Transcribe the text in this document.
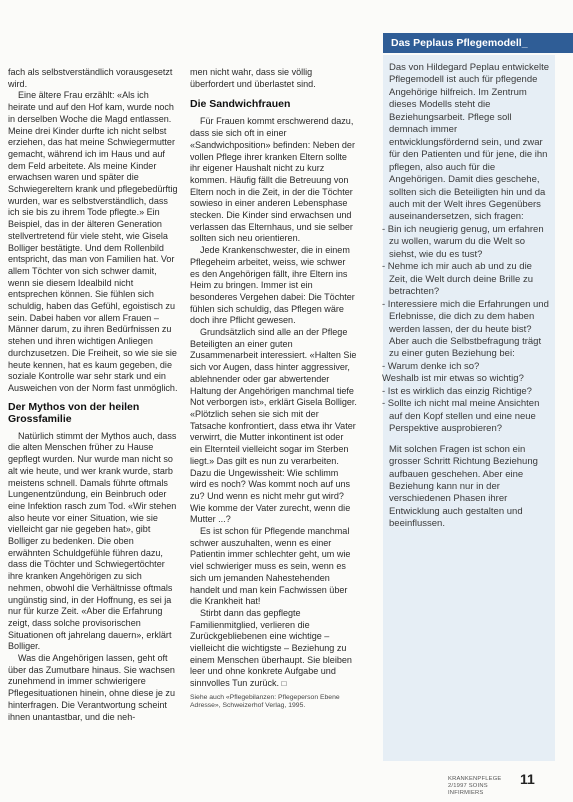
fach als selbstverständlich vorausgesetzt wird.

Eine ältere Frau erzählt: «Als ich heirate und auf den Hof kam, wurde noch in derselben Woche die Magd entlassen. Meine drei Kinder durfte ich nicht selbst erziehen, das hat meine Schwiegermutter gemacht, während ich im Haus und auf dem Feld arbeitete. Als meine Kinder erwachsen waren und später die Schwiegereltern krank und pflegebedürftig wurden, war es selbstverständlich, dass ich sie bis zu ihrem Tode pflegte.» Ein Beispiel, das in der älteren Generation stellvertretend für viele steht, wie Gisela Bolliger bestätigte. Und dem Rollenbild entspricht, das man von Familien hat. Vor allem Töchter von sich schwer damit, wenn sie diesem Idealbild nicht entsprechen können. Sie fühlen sich schuldig, haben das Gefühl, egoistisch zu sein. Dabei haben vor allem Frauen – Männer darum, zu ihren Bedürfnissen zu stehen und ihren wichtigen Anliegen durchzusetzen. Die Freiheit, so wie sie sie heute kennen, hat es kaum gegeben, die soziale Kontrolle war sehr stark und ein Ausweichen von der Norm fast unmöglich.

Der Mythos von der heilen Grossfamilie

Natürlich stimmt der Mythos auch, dass die alten Menschen früher zu Hause gepflegt wurden. Nur wurde man nicht so alt wie heute, und wer krank wurde, starb meistens schnell. Damals führte oftmals Lungenentzündung, ein Beinbruch oder eine Infektion rasch zum Tod. «Wir stehen also heute vor einer Situation, wie sie vielleicht gar nie gegeben hat», gibt Bolliger zu bedenken. Die oben erwähnten Schuldgefühle führen dazu, dass die Töchter und Schwiegertöchter ihre kranken Angehörigen zu sich nehmen, obwohl die Verhältnisse oftmals ungünstig sind, in der Hoffnung, es sei ja nur für kurze Zeit. «Aber die Erfahrung zeigt, dass solche provisorischen Situationen oft jahrelang dauern», erklärt Bolliger.

Was die Angehörigen lassen, geht oft über das Zumutbare hinaus. Sie wachsen zunehmend in immer schwierigere Pflegesituationen hinein, ohne diese je zu hinterfragen. Die Verantwortung scheint ihnen unantastbar, und die neh-

men nicht wahr, dass sie völlig überfordert und überlastet sind.

Die Sandwichfrauen

Für Frauen kommt erschwerend dazu, dass sie sich oft in einer «Sandwichposition» befinden: Neben der vollen Pflege ihrer kranken Eltern sollte ihr eigener Haushalt nicht zu kurz kommen. Häufig fällt die Betreuung von Eltern noch in die Zeit, in der die Töchter sowieso in einer anderen Lebensphase stecken. Die Kinder sind erwachsen und verlassen das Elternhaus, und sie selber sollten sich neu orientieren.

Jede Krankenschwester, die in einem Pflegeheim arbeitet, weiss, wie schwer es den Angehörigen fällt, ihre Eltern ins Heim zu bringen. Immer ist ein besonderes Vergehen dabei: Die Töchter fühlen sich schuldig, das Pflegen wäre doch ihre Pflicht gewesen.

Grundsätzlich sind alle an der Pflege Beteiligten an einer guten Zusammenarbeit interessiert. «Halten Sie sich vor Augen, dass hinter aggressiver, ablehnender oder gar abwertender Haltung der Angehörigen manchmal tiefe Not verborgen ist», erklärt Gisela Bolliger. «Plötzlich sehen sie sich mit der Tatsache konfrontiert, dass etwa ihr Vater verwirrt, die Mutter inkontinent ist oder ein Elternteil vielleicht sogar im Sterben liegt.» Das gilt es nun zu verarbeiten. Dazu die Ungewissheit: Wie schlimm wird es noch? Was kommt noch auf uns zu? Und wenn es nicht mehr gut wird? Wie komme der Vater zurecht, wenn die Mutter ...?

Es ist schon für Pflegende manchmal schwer auszuhalten, wenn es einer Patientin immer schlechter geht, um wie viel schwieriger muss es sein, wenn es sich um jemanden Nahestehenden handelt und man kein Fachwissen über die Krankheit hat!

Stirbt dann das gepflegte Familienmitglied, verlieren die Zurückgebliebenen eine wichtige – vielleicht die wichtigste – Beziehung zu einem Menschen überhaupt. Sie bleiben leer und ohne konkrete Aufgabe und sinnvolles Tun zurück. □

Siehe auch «Pflegebilanzen: Pflegeperson Ebene Adresse», Schweizerhof Verlag, 1995.

Das Peplaus Pflegemodell_

Das von Hildegard Peplau entwickelte Pflegemodell ist auch für pflegende Angehörige hilfreich. Im Zentrum dieses Modells steht die Beziehungsarbeit. Pflege soll demnach immer entwicklungsfördernd sein, und zwar für den Patienten und für jene, die ihn pflegen, also auch für die Angehörigen. Damit dies geschehe, sollten sich die Beteiligten hin und da auch mit der Welt ihres Gegenübers auseinandersetzen, sich fragen:

- Bin ich neugierig genug, um erfahren zu wollen, warum du die Welt so siehst, wie du es tust?

- Nehme ich mir auch ab und zu die Zeit, die Welt durch deine Brille zu betrachten?

- Interessiere mich die Erfahrungen und Erlebnisse, die dich zu dem haben werden lassen, der du heute bist?

Aber auch die Selbstbefragung trägt zu einer guten Beziehung bei:

- Warum denke ich so?

Weshalb ist mir etwas so wichtig?

- Ist es wirklich das einzig Richtige?

- Sollte ich nicht mal meine Ansichten auf den Kopf stellen und eine neue Perspektive ausprobieren?

Mit solchen Fragen ist schon ein grosser Schritt Richtung Beziehung aufbauen geschehen. Aber eine Beziehung kann nur in der verschiedenen Phasen ihrer Entwicklung auch gestalten und beeinflussen.

KRANKENPFLEGE 2/1997 SOINS INFIRMIERS
11
